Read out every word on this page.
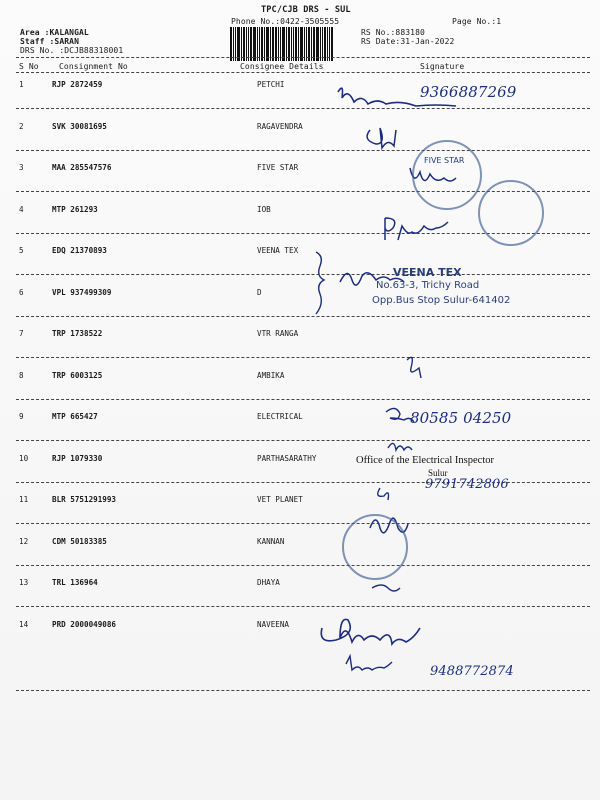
TPC/CJB DRS - SUL
Phone No.:0422-3505555	Page No.:1
Area :KALANGAL
Staff :SARAN
DRS No. :DCJB88318001
RS No.:883180
RS Date:31-Jan-2022
S No	Consignment No	Consignee Details	Signature
1	RJP 2872459	PETCHI
2	SVK 30081695	RAGAVENDRA
3	MAA 285547576	FIVE STAR
4	MTP 261293	IOB
5	EDQ 21370893	VEENA TEX
6	VPL 937499309	D
7	TRP 1738522	VTR RANGA
8	TRP 6003125	AMBIKA
9	MTP 665427	ELECTRICAL
10	RJP 1079330	PARTHASARATHY
11	BLR 5751291993	VET PLANET
12	CDM 50183385	KANNAN
13	TRL 136964	DHAYA
14	PRD 2000049086	NAVEENA
9366887269
80585 04250
9791742806
9488772874
FIVE STAR
VEENA TEX
No.63-3, Trichy Road
Opp.Bus Stop Sulur-641402
Office of the Electrical Inspector
Sulur
